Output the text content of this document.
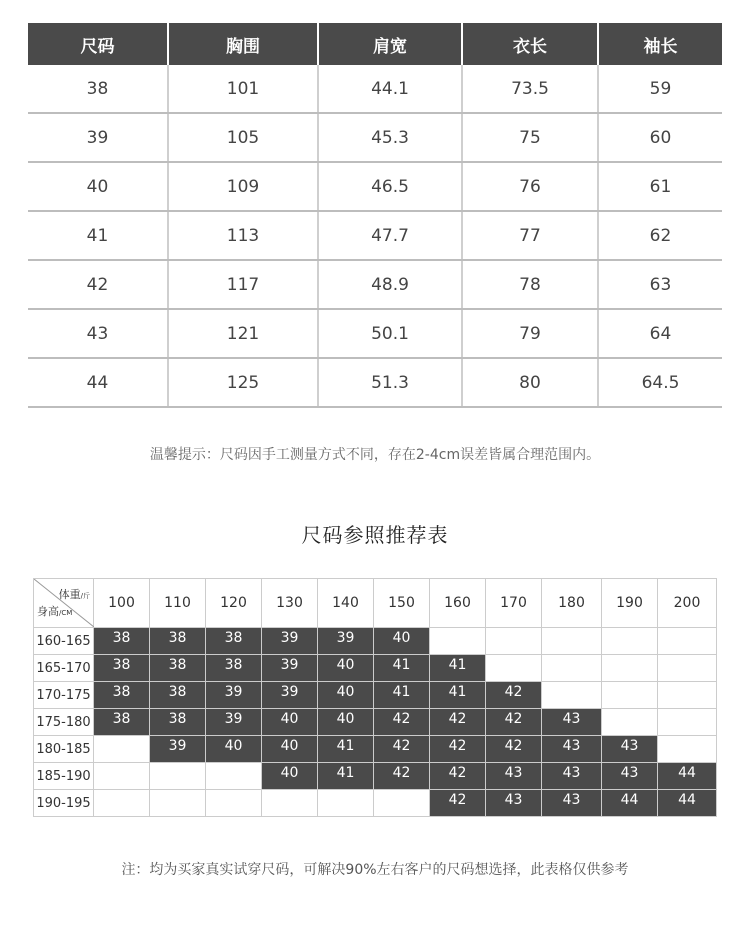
尺码	胸围	肩宽	衣长	袖长
38	101	44.1	73.5	59
39	105	45.3	75	60
40	109	46.5	76	61
41	113	47.7	77	62
42	117	48.9	78	63
43	121	50.1	79	64
44	125	51.3	80	64.5
温馨提示：尺码因手工测量方式不同，存在2-4cm误差皆属合理范围内。
尺码参照推荐表
体重/斤
身高/CM	100	110	120	130	140	150	160	170	180	190	200
160-165	38	38	38	39	39	40					
165-170	38	38	38	39	40	41	41				
170-175	38	38	39	39	40	41	41	42			
175-180	38	38	39	40	40	42	42	42	43		
180-185		39	40	40	41	42	42	42	43	43	
185-190				40	41	42	42	43	43	43	44
190-195							42	43	43	44	44
注：均为买家真实试穿尺码，可解决90%左右客户的尺码想选择，此表格仅供参考
